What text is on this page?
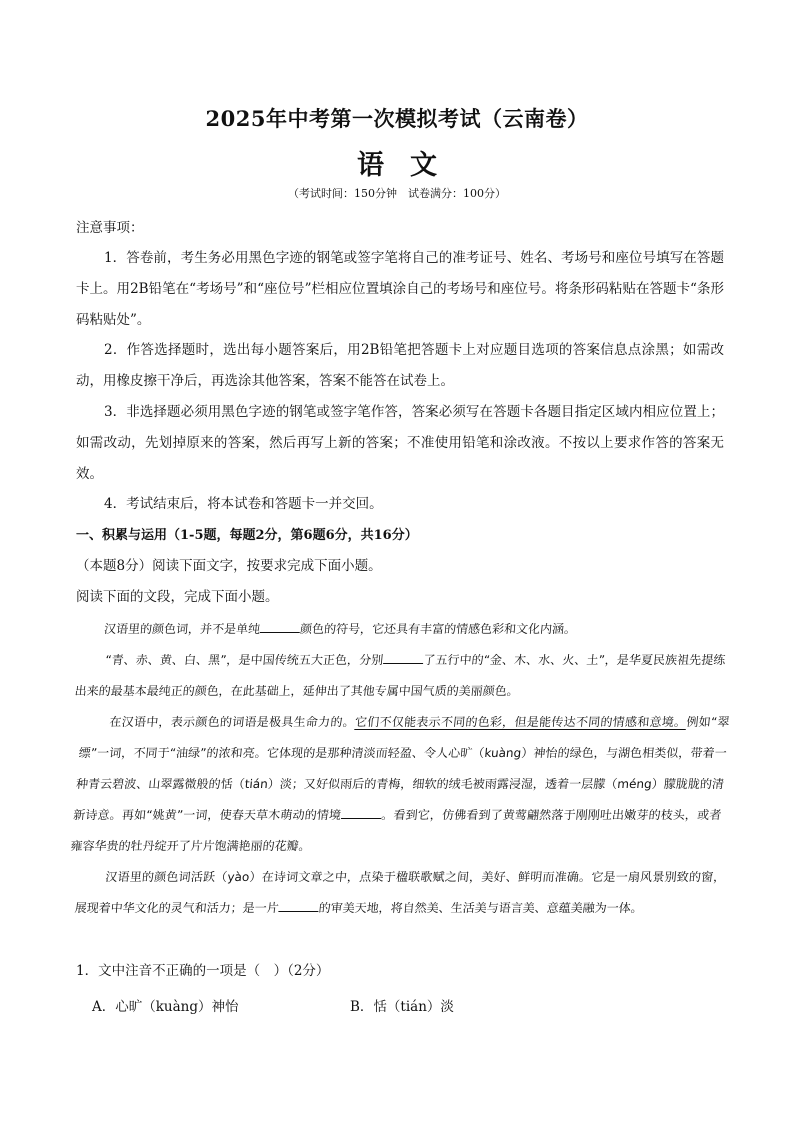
2025年中考第一次模拟考试（云南卷）
语文
（考试时间：150分钟　试卷满分：100分）
注意事项：
1．答卷前，考生务必用黑色字迹的钢笔或签字笔将自己的准考证号、姓名、考场号和座位号填写在答题卡上。用2B铅笔在“考场号”和“座位号”栏相应位置填涂自己的考场号和座位号。将条形码粘贴在答题卡“条形码粘贴处”。
2．作答选择题时，选出每小题答案后，用2B铅笔把答题卡上对应题目选项的答案信息点涂黑；如需改动，用橡皮擦干净后，再选涂其他答案，答案不能答在试卷上。
3．非选择题必须用黑色字迹的钢笔或签字笔作答，答案必须写在答题卡各题目指定区域内相应位置上；如需改动，先划掉原来的答案，然后再写上新的答案；不准使用铅笔和涂改液。不按以上要求作答的答案无效。
4．考试结束后，将本试卷和答题卡一并交回。
一、积累与运用（1-5题，每题2分，第6题6分，共16分）
（本题8分）阅读下面文字，按要求完成下面小题。
阅读下面的文段，完成下面小题。
汉语里的颜色词，并不是单纯	颜色的符号，它还具有丰富的情感色彩和文化内涵。
“青、赤、黄、白、黑”，是中国传统五大正色，分别	了五行中的“金、木、水、火、土”，是华夏民族祖先提练出来的最基本最纯正的颜色，在此基础上，延伸出了其他专属中国气质的美丽颜色。
在汉语中，表示颜色的词语是极具生命力的。它们不仅能表示不同的色彩，但是能传达不同的情感和意境。例如“翠缥”一词，不同于“油绿”的浓和亮。它体现的是那种清淡而轻盈、令人心旷（kuàng）神怡的绿色，与湖色相类似，带着一种青云碧波、山翠露微般的恬（tián）淡；又好似雨后的青梅，细软的绒毛被雨露浸湿，透着一层朦（méng）朦胧胧的清新诗意。再如“姚黄”一词，使春天草木萌动的情境	。看到它，仿佛看到了黄莺翩然落于刚刚吐出嫩芽的枝头，或者雍容华贵的牡丹绽开了片片饱满艳丽的花瓣。
汉语里的颜色词活跃（yào）在诗词文章之中，点染于楹联歌赋之间，美好、鲜明而准确。它是一扇风景别致的窗，展现着中华文化的灵气和活力；是一片	的审美天地，将自然美、生活美与语言美、意蕴美融为一体。
1．文中注音不正确的一项是（　）（2分）
A．心旷（kuàng）神怡	B．恬（tián）淡
